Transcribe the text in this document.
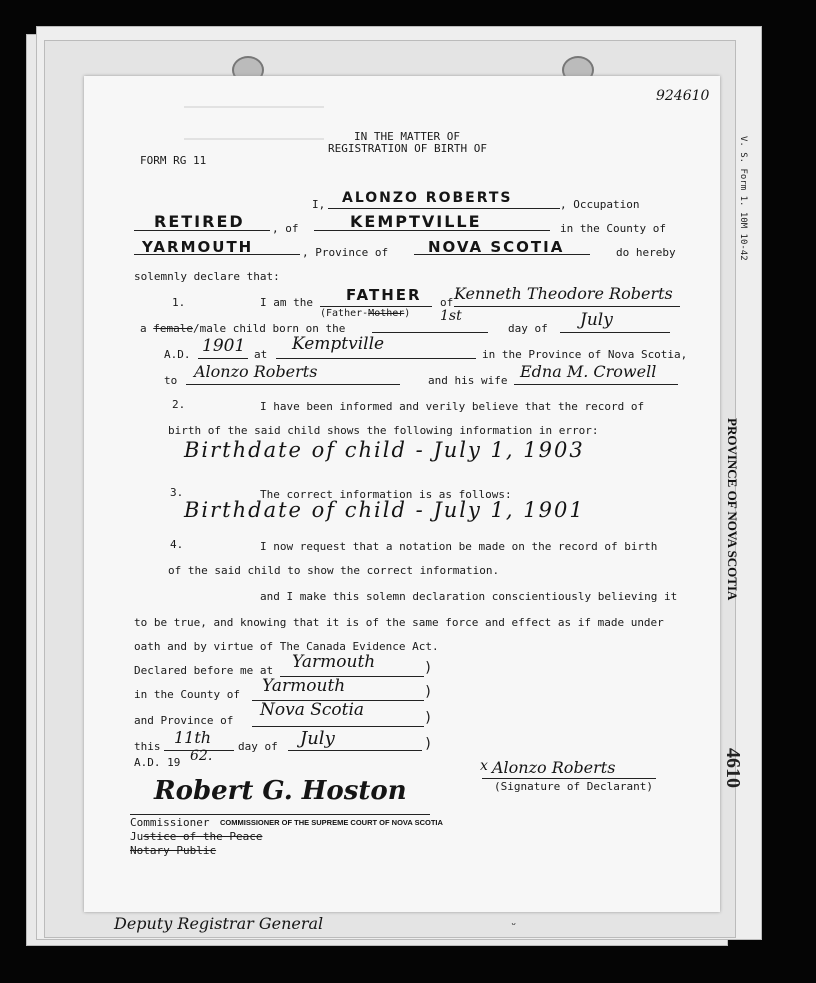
V. S. Form 1. 10M 10-42
PROVINCE OF NOVA SCOTIA
4610
924610
IN THE MATTER OF
REGISTRATION OF BIRTH OF
FORM RG 11
I, ALONZO ROBERTS	, Occupation
RETIRED , of	KEMPTVILLE	in the County of
YARMOUTH	, Province of	NOVA SCOTIA	do hereby
solemnly declare that:
1.	I am the FATHER
(Father-Mother)
of Kenneth Theodore Roberts
a female/male child born on the
1st
day of July
A.D. 1901 at
Kemptville
in the Province of Nova Scotia,
to Alonzo Roberts	and his wife Edna M. Crowell
2.	I have been informed and verily believe that the record of
birth of the said child shows the following information in error:
Birthdate of child - July 1, 1903
3.	The correct information is as follows:
Birthdate of child - July 1, 1901
4.	I now request that a notation be made on the record of birth
of the said child to show the correct information.
and I make this solemn declaration conscientiously believing it
to be true, and knowing that it is of the same force and effect as if made under
oath and by virtue of The Canada Evidence Act.
Declared before me at Yarmouth	)
in the County of Yarmouth	)
and Province of
Nova Scotia	)
this 11th day of July	)
A.D. 19 62.
x Alonzo Roberts
(Signature of Declarant)
Robert G. Hoston
Commissioner COMMISSIONER OF THE SUPREME COURT OF NOVA SCOTIA
Justice of the Peace
Notary Public
Deputy Registrar General	ᵕ
